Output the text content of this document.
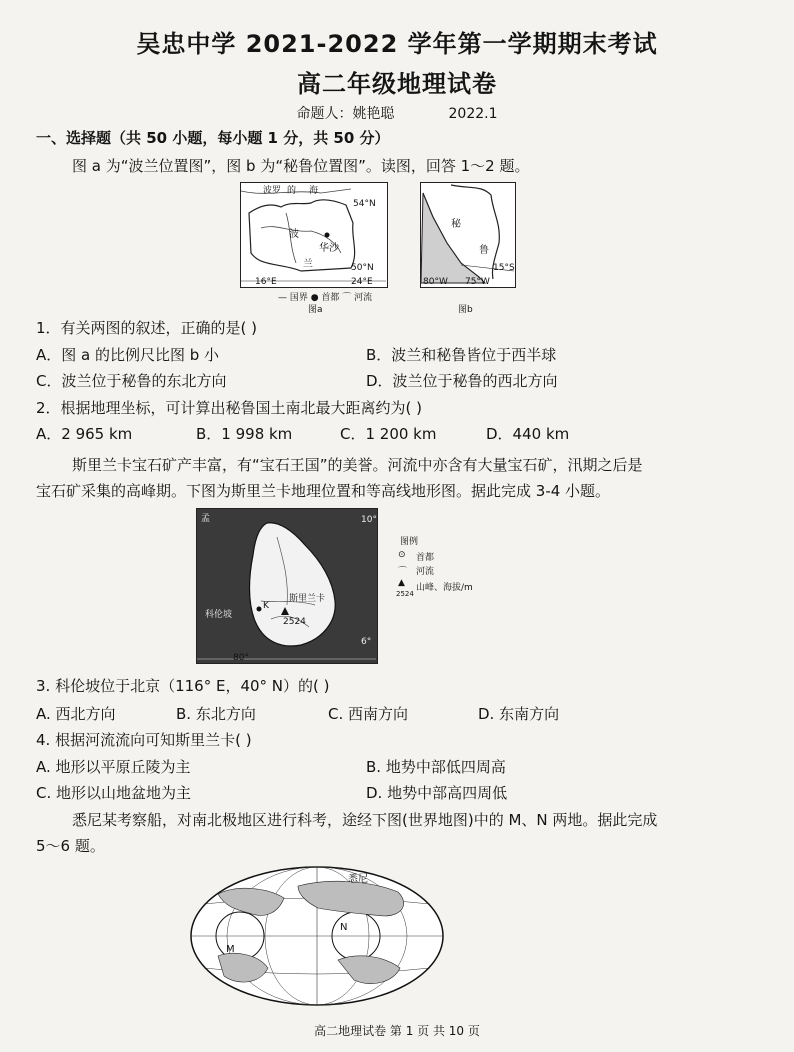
吴忠中学 2021-2022 学年第一学期期末考试
高二年级地理试卷
命题人：姚艳聪	2022.1
一、选择题（共 50 小题，每小题 1 分，共 50 分）
图 a 为“波兰位置图”，图 b 为“秘鲁位置图”。读图，回答 1～2 题。
波罗 的 海
54°N
波
华沙
50°N
16°E	24°E
兰
— 国界 ● 首都 ⌒ 河流
图a
秘
鲁
15°S
80°W 75°W
图b
1．有关两图的叙述，正确的是( )
A．图 a 的比例尺比图 b 小	B．波兰和秘鲁皆位于西半球
C．波兰位于秘鲁的东北方向	D．波兰位于秘鲁的西北方向
2．根据地理坐标，可计算出秘鲁国土南北最大距离约为( )
A．2 965 km	B．1 998 km	C．1 200 km	D．440 km
斯里兰卡宝石矿产丰富，有“宝石王国”的美誉。河流中亦含有大量宝石矿，汛期之后是
宝石矿采集的高峰期。下图为斯里兰卡地理位置和等高线地形图。据此完成 3-4 小题。
孟	10°
斯里兰卡
K
2524
科伦坡
6°
80°
图例
⊙ 首都
⌒ 河流
▲ 山峰、海拔/m
2524
3. 科伦坡位于北京（116° E，40° N）的( )
A. 西北方向	B. 东北方向	C. 西南方向	D. 东南方向
4. 根据河流流向可知斯里兰卡( )
A. 地形以平原丘陵为主	B. 地势中部低四周高
C. 地形以山地盆地为主	D. 地势中部高四周低
悉尼某考察船，对南北极地区进行科考，途经下图(世界地图)中的 M、N 两地。据此完成
5～6 题。
悉尼
M
N
高二地理试卷 第 1 页 共 10 页
